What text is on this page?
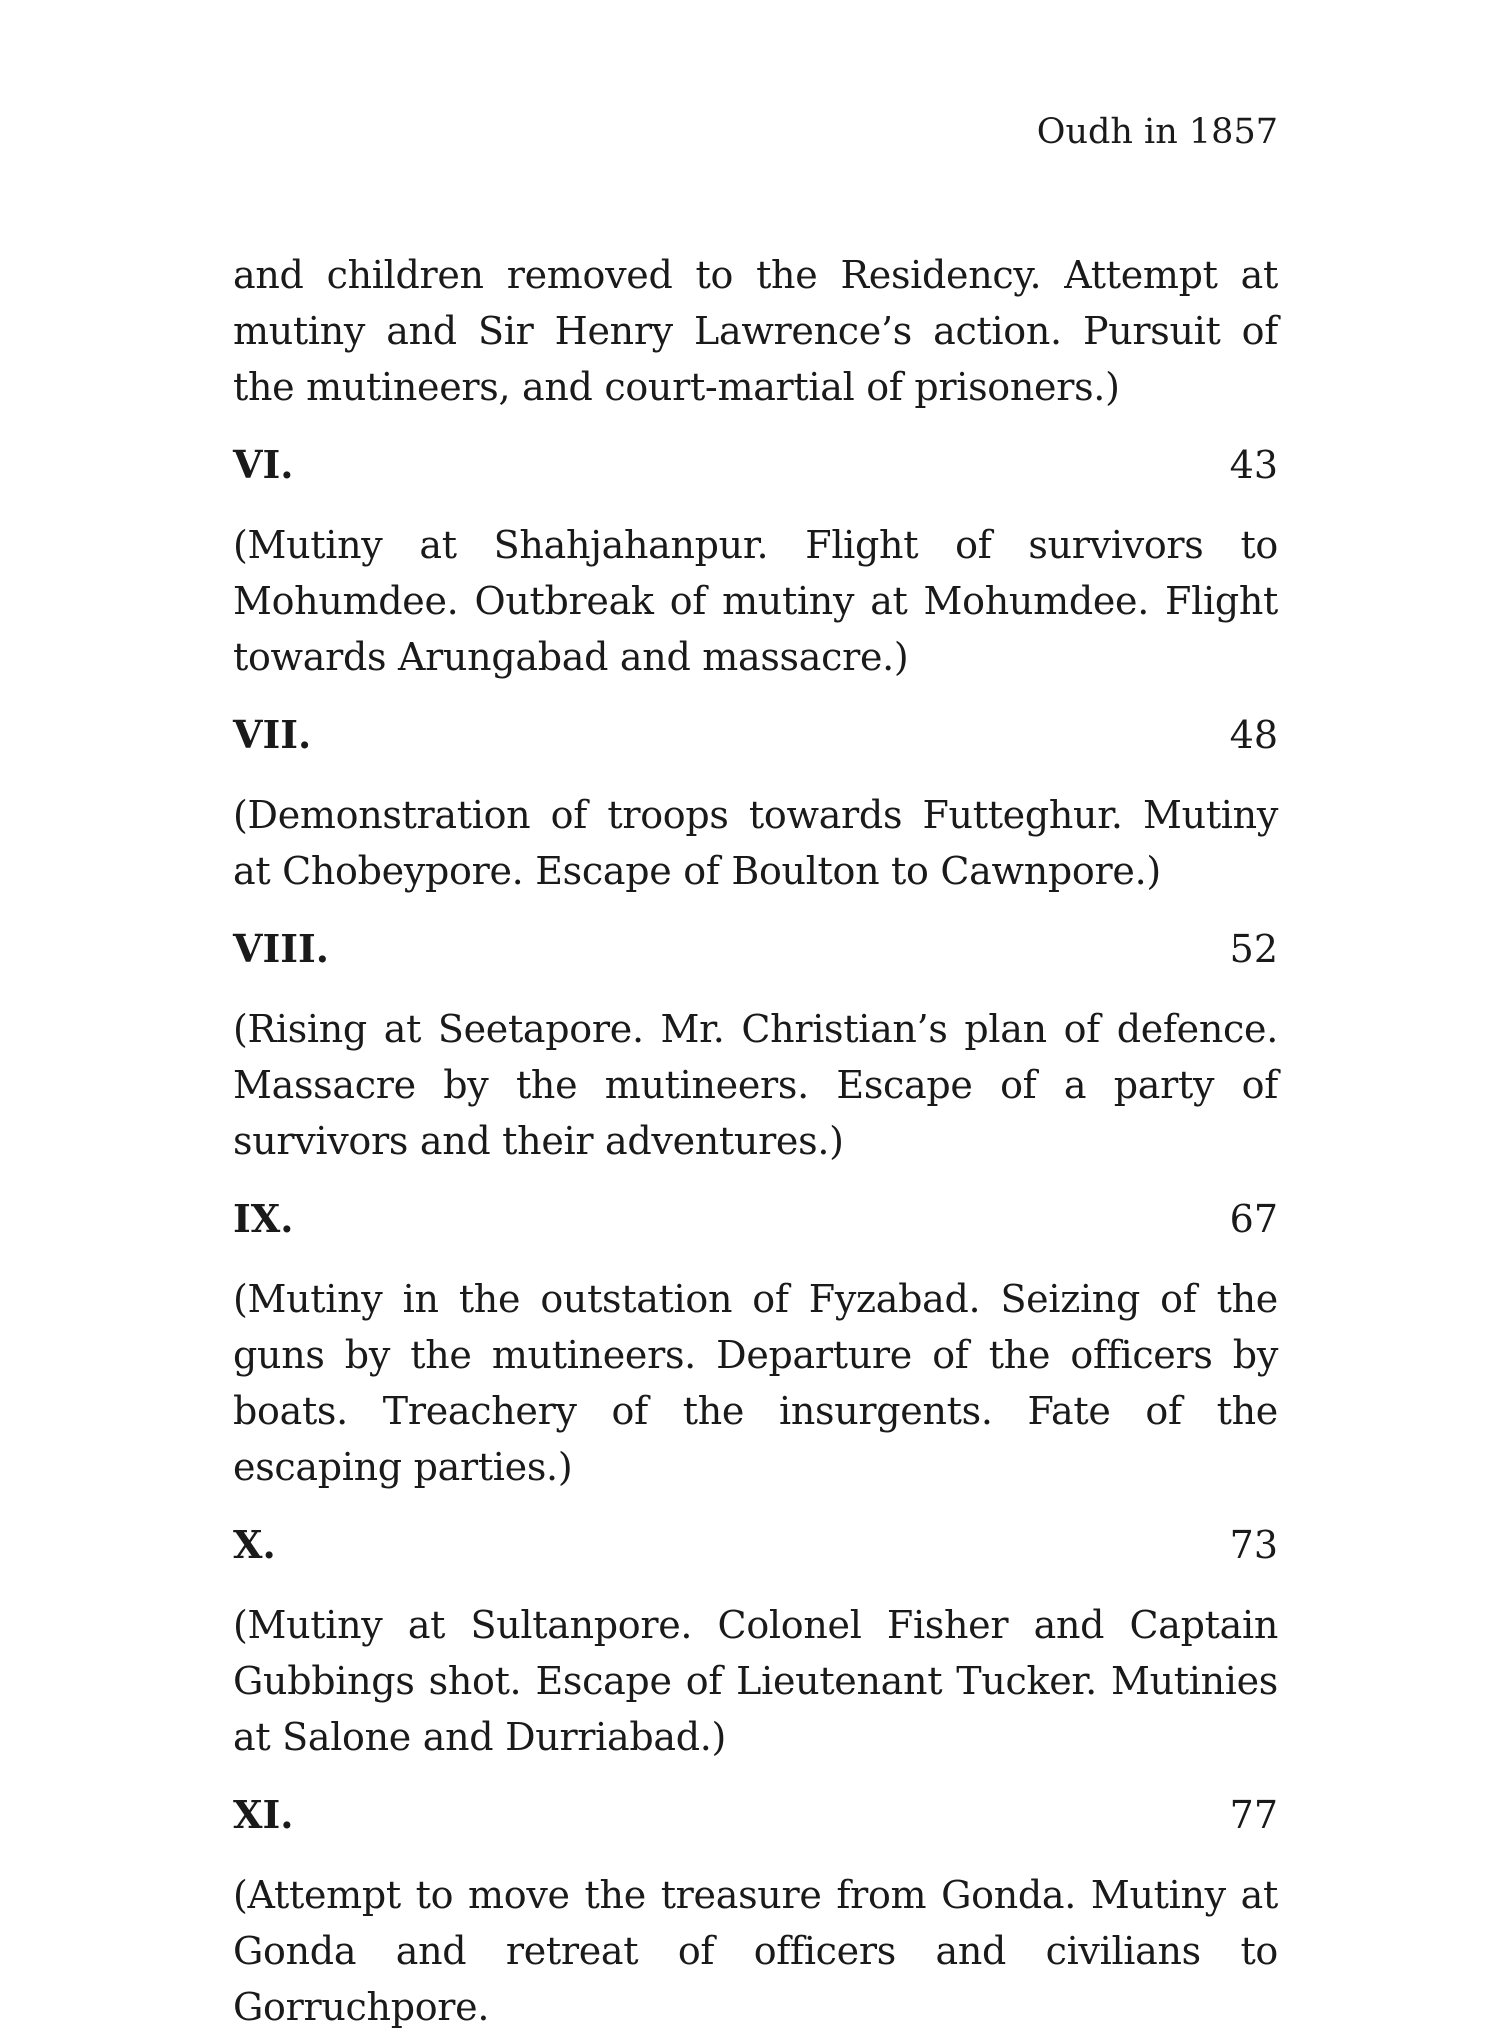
Oudh in 1857

and children removed to the Residency. Attempt at mutiny and Sir Henry Lawrence’s action. Pursuit of the mutineers, and court-martial of prisoners.)

VI.	43

(Mutiny at Shahjahanpur. Flight of survivors to Mohumdee. Outbreak of mutiny at Mohumdee. Flight towards Arungabad and massacre.)

VII.	48

(Demonstration of troops towards Futteghur. Mutiny at Chobeypore. Escape of Boulton to Cawnpore.)

VIII.	52

(Rising at Seetapore. Mr. Christian’s plan of defence. Massacre by the mutineers. Escape of a party of survivors and their adventures.)

IX.	67

(Mutiny in the outstation of Fyzabad. Seizing of the guns by the mutineers. Departure of the officers by boats. Treachery of the insurgents. Fate of the escaping parties.)

X.	73

(Mutiny at Sultanpore. Colonel Fisher and Captain Gubbings shot. Escape of Lieutenant Tucker. Mutinies at Salone and Durriabad.)

XI.	77

(Attempt to move the treasure from Gonda. Mutiny at Gonda and retreat of officers and civilians to Gorruchpore.
